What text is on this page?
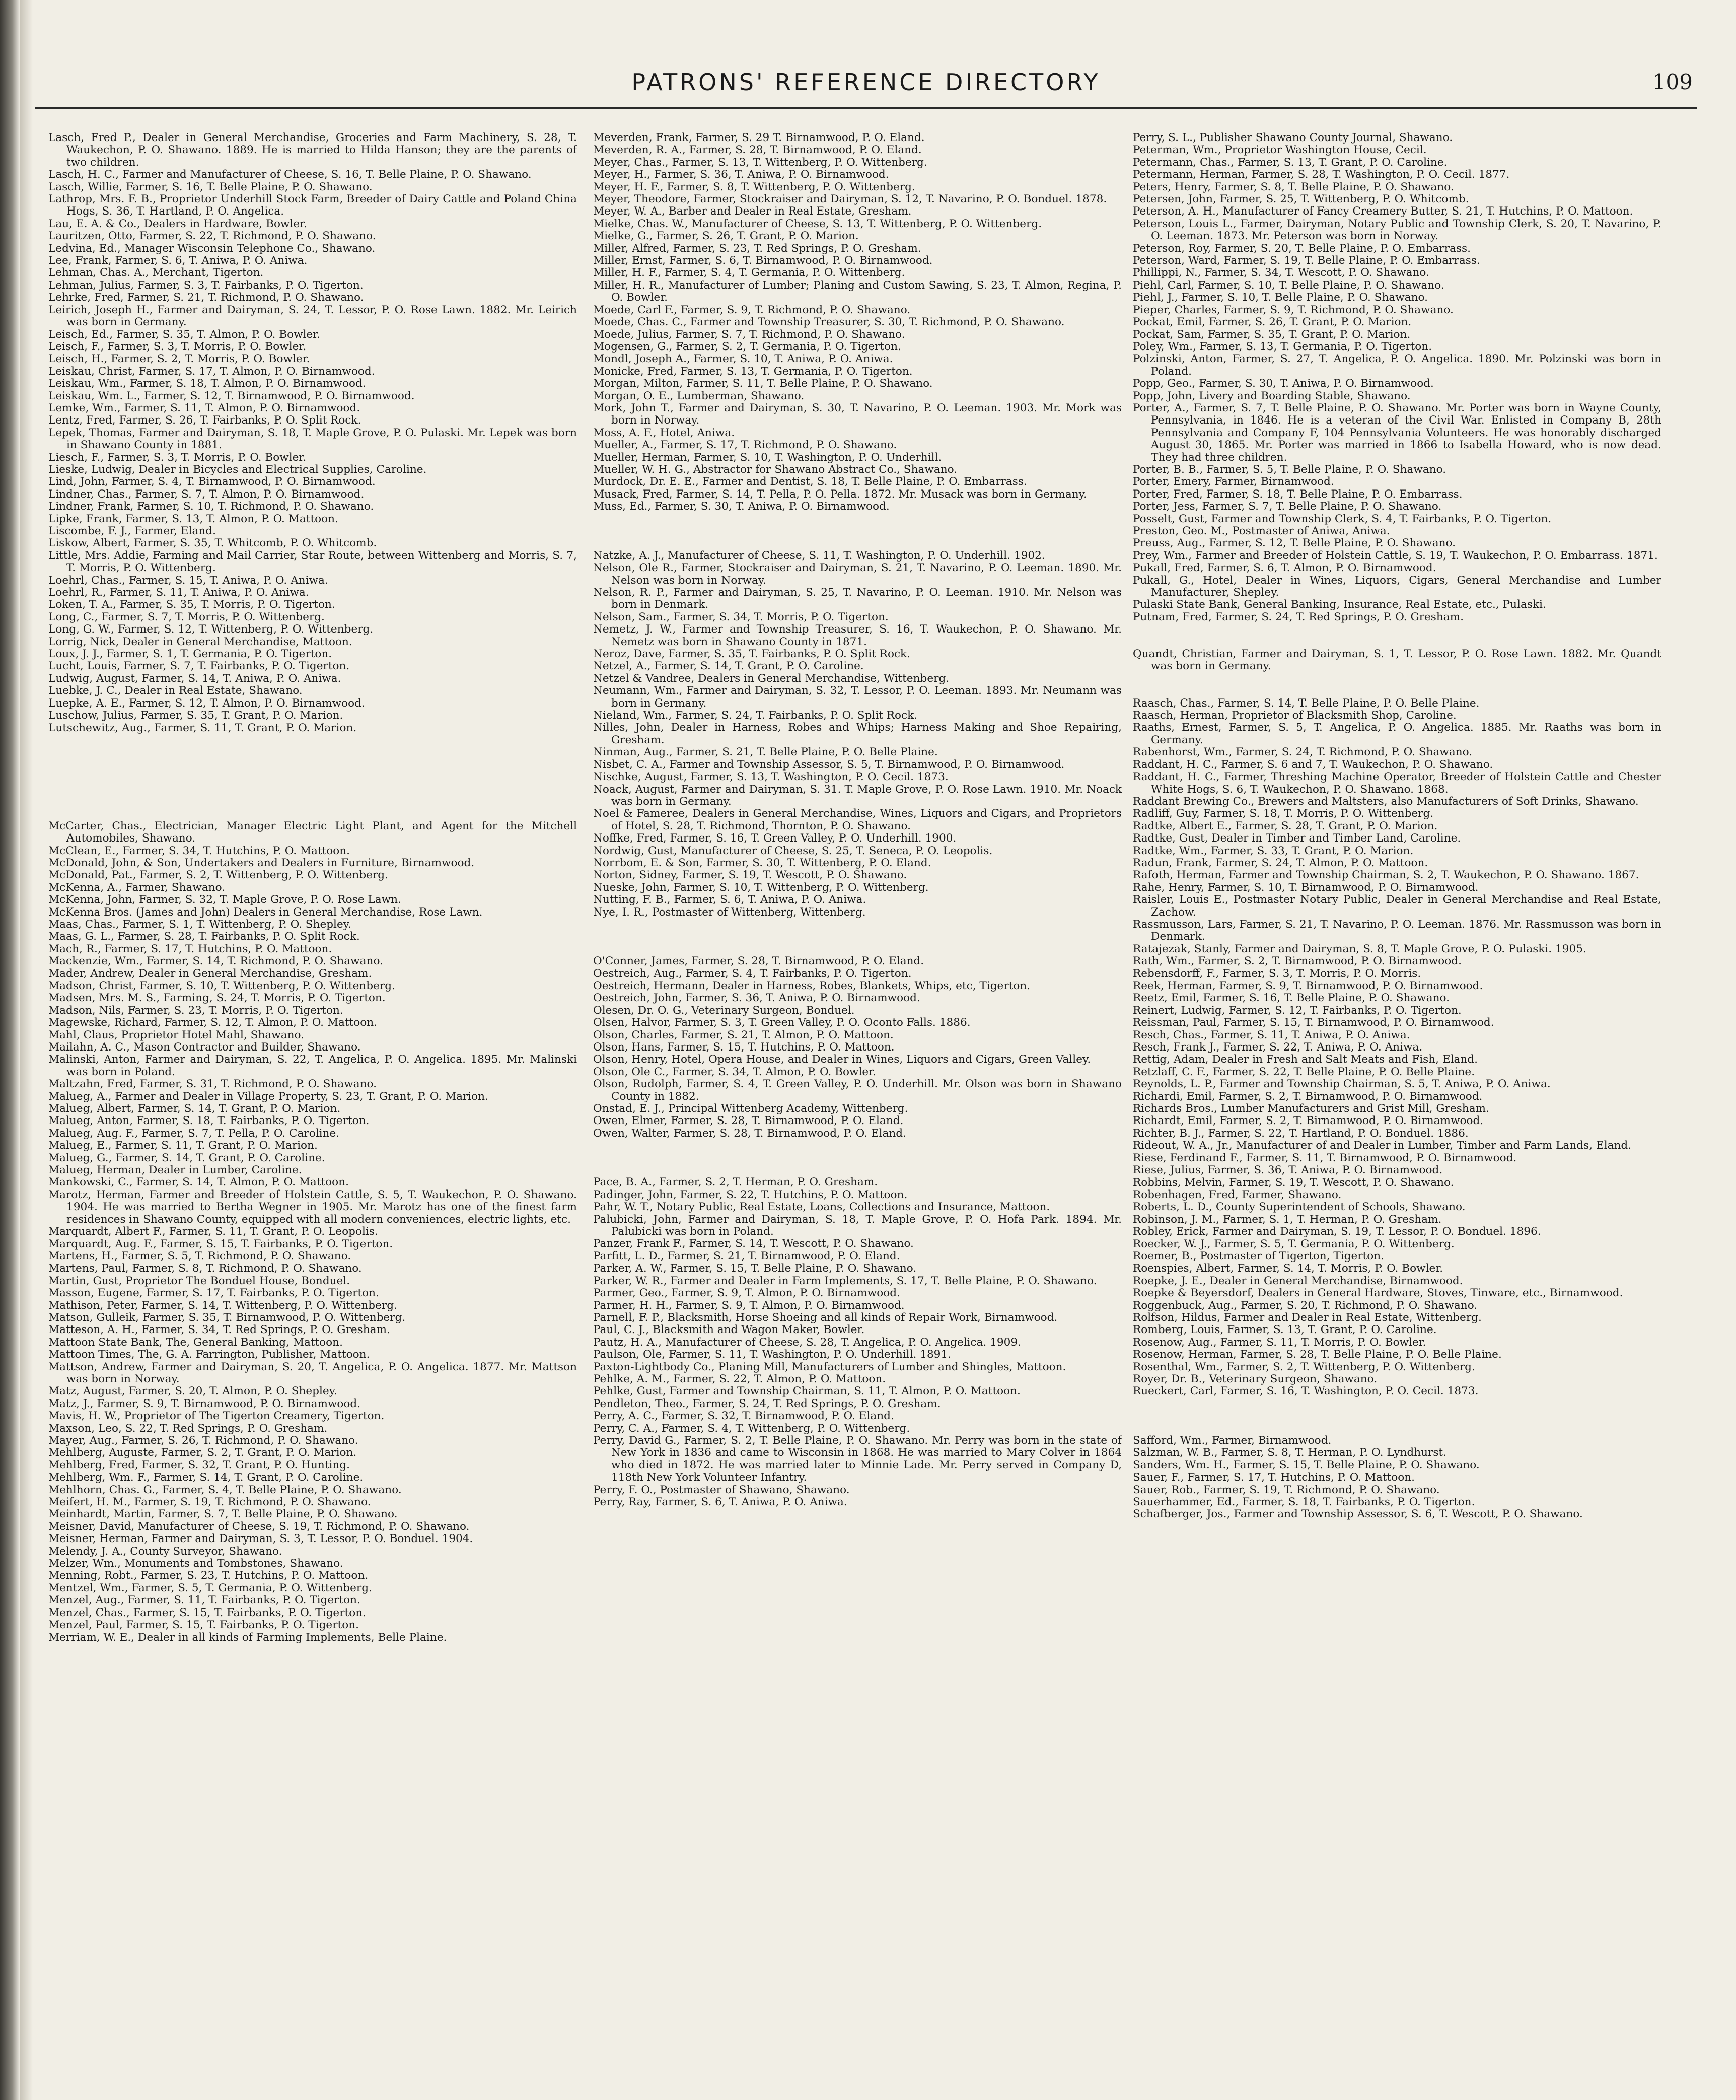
PATRONS' REFERENCE DIRECTORY	109

Lasch, Fred P., Dealer in General Merchandise, Groceries and Farm Machinery, S. 28, T. Waukechon, P. O. Shawano. 1889. He is married to Hilda Hanson; they are the parents of two children.

Lasch, H. C., Farmer and Manufacturer of Cheese, S. 16, T. Belle Plaine, P. O. Shawano.

Lasch, Willie, Farmer, S. 16, T. Belle Plaine, P. O. Shawano.

Lathrop, Mrs. F. B., Proprietor Underhill Stock Farm, Breeder of Dairy Cattle and Poland China Hogs, S. 36, T. Hartland, P. O. Angelica.

Lau, E. A. & Co., Dealers in Hardware, Bowler.

Lauritzen, Otto, Farmer, S. 22, T. Richmond, P. O. Shawano.

Ledvina, Ed., Manager Wisconsin Telephone Co., Shawano.

Lee, Frank, Farmer, S. 6, T. Aniwa, P. O. Aniwa.

Lehman, Chas. A., Merchant, Tigerton.

Lehman, Julius, Farmer, S. 3, T. Fairbanks, P. O. Tigerton.

Lehrke, Fred, Farmer, S. 21, T. Richmond, P. O. Shawano.

Leirich, Joseph H., Farmer and Dairyman, S. 24, T. Lessor, P. O. Rose Lawn. 1882. Mr. Leirich was born in Germany.

Leisch, Ed., Farmer, S. 35, T. Almon, P. O. Bowler.

Leisch, F., Farmer, S. 3, T. Morris, P. O. Bowler.

Leisch, H., Farmer, S. 2, T. Morris, P. O. Bowler.

Leiskau, Christ, Farmer, S. 17, T. Almon, P. O. Birnamwood.

Leiskau, Wm., Farmer, S. 18, T. Almon, P. O. Birnamwood.

Leiskau, Wm. L., Farmer, S. 12, T. Birnamwood, P. O. Birnamwood.

Lemke, Wm., Farmer, S. 11, T. Almon, P. O. Birnamwood.

Lentz, Fred, Farmer, S. 26, T. Fairbanks, P. O. Split Rock.

Lepek, Thomas, Farmer and Dairyman, S. 18, T. Maple Grove, P. O. Pulaski. Mr. Lepek was born in Shawano County in 1881.

Liesch, F., Farmer, S. 3, T. Morris, P. O. Bowler.

Lieske, Ludwig, Dealer in Bicycles and Electrical Supplies, Caroline.

Lind, John, Farmer, S. 4, T. Birnamwood, P. O. Birnamwood.

Lindner, Chas., Farmer, S. 7, T. Almon, P. O. Birnamwood.

Lindner, Frank, Farmer, S. 10, T. Richmond, P. O. Shawano.

Lipke, Frank, Farmer, S. 13, T. Almon, P. O. Mattoon.

Liscombe, F. J., Farmer, Eland.

Liskow, Albert, Farmer, S. 35, T. Whitcomb, P. O. Whitcomb.

Little, Mrs. Addie, Farming and Mail Carrier, Star Route, between Wittenberg and Morris, S. 7, T. Morris, P. O. Wittenberg.

Loehrl, Chas., Farmer, S. 15, T. Aniwa, P. O. Aniwa.

Loehrl, R., Farmer, S. 11, T. Aniwa, P. O. Aniwa.

Loken, T. A., Farmer, S. 35, T. Morris, P. O. Tigerton.

Long, C., Farmer, S. 7, T. Morris, P. O. Wittenberg.

Long, G. W., Farmer, S. 12, T. Wittenberg, P. O. Wittenberg.

Lorrig, Nick, Dealer in General Merchandise, Mattoon.

Loux, J. J., Farmer, S. 1, T. Germania, P. O. Tigerton.

Lucht, Louis, Farmer, S. 7, T. Fairbanks, P. O. Tigerton.

Ludwig, August, Farmer, S. 14, T. Aniwa, P. O. Aniwa.

Luebke, J. C., Dealer in Real Estate, Shawano.

Luepke, A. E., Farmer, S. 12, T. Almon, P. O. Birnamwood.

Luschow, Julius, Farmer, S. 35, T. Grant, P. O. Marion.

Lutschewitz, Aug., Farmer, S. 11, T. Grant, P. O. Marion.

McCarter, Chas., Electrician, Manager Electric Light Plant, and Agent for the Mitchell Automobiles, Shawano.

McClean, E., Farmer, S. 34, T. Hutchins, P. O. Mattoon.

McDonald, John, & Son, Undertakers and Dealers in Furniture, Birnamwood.

McDonald, Pat., Farmer, S. 2, T. Wittenberg, P. O. Wittenberg.

McKenna, A., Farmer, Shawano.

McKenna, John, Farmer, S. 32, T. Maple Grove, P. O. Rose Lawn.

McKenna Bros. (James and John) Dealers in General Merchandise, Rose Lawn.

Maas, Chas., Farmer, S. 1, T. Wittenberg, P. O. Shepley.

Maas, G. L., Farmer, S. 28, T. Fairbanks, P. O. Split Rock.

Mach, R., Farmer, S. 17, T. Hutchins, P. O. Mattoon.

Mackenzie, Wm., Farmer, S. 14, T. Richmond, P. O. Shawano.

Mader, Andrew, Dealer in General Merchandise, Gresham.

Madson, Christ, Farmer, S. 10, T. Wittenberg, P. O. Wittenberg.

Madsen, Mrs. M. S., Farming, S. 24, T. Morris, P. O. Tigerton.

Madson, Nils, Farmer, S. 23, T. Morris, P. O. Tigerton.

Magewske, Richard, Farmer, S. 12, T. Almon, P. O. Mattoon.

Mahl, Claus, Proprietor Hotel Mahl, Shawano.

Mailahn, A. C., Mason Contractor and Builder, Shawano.

Malinski, Anton, Farmer and Dairyman, S. 22, T. Angelica, P. O. Angelica. 1895. Mr. Malinski was born in Poland.

Maltzahn, Fred, Farmer, S. 31, T. Richmond, P. O. Shawano.

Malueg, A., Farmer and Dealer in Village Property, S. 23, T. Grant, P. O. Marion.

Malueg, Albert, Farmer, S. 14, T. Grant, P. O. Marion.

Malueg, Anton, Farmer, S. 18, T. Fairbanks, P. O. Tigerton.

Malueg, Aug. F., Farmer, S. 7, T. Pella, P. O. Caroline.

Malueg, E., Farmer, S. 11, T. Grant, P. O. Marion.

Malueg, G., Farmer, S. 14, T. Grant, P. O. Caroline.

Malueg, Herman, Dealer in Lumber, Caroline.

Mankowski, C., Farmer, S. 14, T. Almon, P. O. Mattoon.

Marotz, Herman, Farmer and Breeder of Holstein Cattle, S. 5, T. Waukechon, P. O. Shawano. 1904. He was married to Bertha Wegner in 1905. Mr. Marotz has one of the finest farm residences in Shawano County, equipped with all modern conveniences, electric lights, etc.

Marquardt, Albert F., Farmer, S. 11, T. Grant, P. O. Leopolis.

Marquardt, Aug. F., Farmer, S. 15, T. Fairbanks, P. O. Tigerton.

Martens, H., Farmer, S. 5, T. Richmond, P. O. Shawano.

Martens, Paul, Farmer, S. 8, T. Richmond, P. O. Shawano.

Martin, Gust, Proprietor The Bonduel House, Bonduel.

Masson, Eugene, Farmer, S. 17, T. Fairbanks, P. O. Tigerton.

Mathison, Peter, Farmer, S. 14, T. Wittenberg, P. O. Wittenberg.

Matson, Gulleik, Farmer, S. 35, T. Birnamwood, P. O. Wittenberg.

Matteson, A. H., Farmer, S. 34, T. Red Springs, P. O. Gresham.

Mattoon State Bank, The, General Banking, Mattoon.

Mattoon Times, The, G. A. Farrington, Publisher, Mattoon.

Mattson, Andrew, Farmer and Dairyman, S. 20, T. Angelica, P. O. Angelica. 1877. Mr. Mattson was born in Norway.

Matz, August, Farmer, S. 20, T. Almon, P. O. Shepley.

Matz, J., Farmer, S. 9, T. Birnamwood, P. O. Birnamwood.

Mavis, H. W., Proprietor of The Tigerton Creamery, Tigerton.

Maxson, Leo, S. 22, T. Red Springs, P. O. Gresham.

Mayer, Aug., Farmer, S. 26, T. Richmond, P. O. Shawano.

Mehlberg, Auguste, Farmer, S. 2, T. Grant, P. O. Marion.

Mehlberg, Fred, Farmer, S. 32, T. Grant, P. O. Hunting.

Mehlberg, Wm. F., Farmer, S. 14, T. Grant, P. O. Caroline.

Mehlhorn, Chas. G., Farmer, S. 4, T. Belle Plaine, P. O. Shawano.

Meifert, H. M., Farmer, S. 19, T. Richmond, P. O. Shawano.

Meinhardt, Martin, Farmer, S. 7, T. Belle Plaine, P. O. Shawano.

Meisner, David, Manufacturer of Cheese, S. 19, T. Richmond, P. O. Shawano.

Meisner, Herman, Farmer and Dairyman, S. 3, T. Lessor, P. O. Bonduel. 1904.

Melendy, J. A., County Surveyor, Shawano.

Melzer, Wm., Monuments and Tombstones, Shawano.

Menning, Robt., Farmer, S. 23, T. Hutchins, P. O. Mattoon.

Mentzel, Wm., Farmer, S. 5, T. Germania, P. O. Wittenberg.

Menzel, Aug., Farmer, S. 11, T. Fairbanks, P. O. Tigerton.

Menzel, Chas., Farmer, S. 15, T. Fairbanks, P. O. Tigerton.

Menzel, Paul, Farmer, S. 15, T. Fairbanks, P. O. Tigerton.

Merriam, W. E., Dealer in all kinds of Farming Implements, Belle Plaine.

Meverden, Frank, Farmer, S. 29 T. Birnamwood, P. O. Eland.

Meverden, R. A., Farmer, S. 28, T. Birnamwood, P. O. Eland.

Meyer, Chas., Farmer, S. 13, T. Wittenberg, P. O. Wittenberg.

Meyer, H., Farmer, S. 36, T. Aniwa, P. O. Birnamwood.

Meyer, H. F., Farmer, S. 8, T. Wittenberg, P. O. Wittenberg.

Meyer, Theodore, Farmer, Stockraiser and Dairyman, S. 12, T. Navarino, P. O. Bonduel. 1878.

Meyer, W. A., Barber and Dealer in Real Estate, Gresham.

Mielke, Chas. W., Manufacturer of Cheese, S. 13, T. Wittenberg, P. O. Wittenberg.

Mielke, G., Farmer, S. 26, T. Grant, P. O. Marion.

Miller, Alfred, Farmer, S. 23, T. Red Springs, P. O. Gresham.

Miller, Ernst, Farmer, S. 6, T. Birnamwood, P. O. Birnamwood.

Miller, H. F., Farmer, S. 4, T. Germania, P. O. Wittenberg.

Miller, H. R., Manufacturer of Lumber; Planing and Custom Sawing, S. 23, T. Almon, Regina, P. O. Bowler.

Moede, Carl F., Farmer, S. 9, T. Richmond, P. O. Shawano.

Moede, Chas. C., Farmer and Township Treasurer, S. 30, T. Richmond, P. O. Shawano.

Moede, Julius, Farmer, S. 7, T. Richmond, P. O. Shawano.

Mogensen, G., Farmer, S. 2, T. Germania, P. O. Tigerton.

Mondl, Joseph A., Farmer, S. 10, T. Aniwa, P. O. Aniwa.

Monicke, Fred, Farmer, S. 13, T. Germania, P. O. Tigerton.

Morgan, Milton, Farmer, S. 11, T. Belle Plaine, P. O. Shawano.

Morgan, O. E., Lumberman, Shawano.

Mork, John T., Farmer and Dairyman, S. 30, T. Navarino, P. O. Leeman. 1903. Mr. Mork was born in Norway.

Moss, A. F., Hotel, Aniwa.

Mueller, A., Farmer, S. 17, T. Richmond, P. O. Shawano.

Mueller, Herman, Farmer, S. 10, T. Washington, P. O. Underhill.

Mueller, W. H. G., Abstractor for Shawano Abstract Co., Shawano.

Murdock, Dr. E. E., Farmer and Dentist, S. 18, T. Belle Plaine, P. O. Embarrass.

Musack, Fred, Farmer, S. 14, T. Pella, P. O. Pella. 1872. Mr. Musack was born in Germany.

Muss, Ed., Farmer, S. 30, T. Aniwa, P. O. Birnamwood.

Natzke, A. J., Manufacturer of Cheese, S. 11, T. Washington, P. O. Underhill. 1902.

Nelson, Ole R., Farmer, Stockraiser and Dairyman, S. 21, T. Navarino, P. O. Leeman. 1890. Mr. Nelson was born in Norway.

Nelson, R. P., Farmer and Dairyman, S. 25, T. Navarino, P. O. Leeman. 1910. Mr. Nelson was born in Denmark.

Nelson, Sam., Farmer, S. 34, T. Morris, P. O. Tigerton.

Nemetz, J. W., Farmer and Township Treasurer, S. 16, T. Waukechon, P. O. Shawano. Mr. Nemetz was born in Shawano County in 1871.

Neroz, Dave, Farmer, S. 35, T. Fairbanks, P. O. Split Rock.

Netzel, A., Farmer, S. 14, T. Grant, P. O. Caroline.

Netzel & Vandree, Dealers in General Merchandise, Wittenberg.

Neumann, Wm., Farmer and Dairyman, S. 32, T. Lessor, P. O. Leeman. 1893. Mr. Neumann was born in Germany.

Nieland, Wm., Farmer, S. 24, T. Fairbanks, P. O. Split Rock.

Nilles, John, Dealer in Harness, Robes and Whips; Harness Making and Shoe Repairing, Gresham.

Ninman, Aug., Farmer, S. 21, T. Belle Plaine, P. O. Belle Plaine.

Nisbet, C. A., Farmer and Township Assessor, S. 5, T. Birnamwood, P. O. Birnamwood.

Nischke, August, Farmer, S. 13, T. Washington, P. O. Cecil. 1873.

Noack, August, Farmer and Dairyman, S. 31. T. Maple Grove, P. O. Rose Lawn. 1910. Mr. Noack was born in Germany.

Noel & Fameree, Dealers in General Merchandise, Wines, Liquors and Cigars, and Proprietors of Hotel, S. 28, T. Richmond, Thornton, P. O. Shawano.

Noffke, Fred, Farmer, S. 16, T. Green Valley, P. O. Underhill. 1900.

Nordwig, Gust, Manufacturer of Cheese, S. 25, T. Seneca, P. O. Leopolis.

Norrbom, E. & Son, Farmer, S. 30, T. Wittenberg, P. O. Eland.

Norton, Sidney, Farmer, S. 19, T. Wescott, P. O. Shawano.

Nueske, John, Farmer, S. 10, T. Wittenberg, P. O. Wittenberg.

Nutting, F. B., Farmer, S. 6, T. Aniwa, P. O. Aniwa.

Nye, I. R., Postmaster of Wittenberg, Wittenberg.

O'Conner, James, Farmer, S. 28, T. Birnamwood, P. O. Eland.

Oestreich, Aug., Farmer, S. 4, T. Fairbanks, P. O. Tigerton.

Oestreich, Hermann, Dealer in Harness, Robes, Blankets, Whips, etc, Tigerton.

Oestreich, John, Farmer, S. 36, T. Aniwa, P. O. Birnamwood.

Olesen, Dr. O. G., Veterinary Surgeon, Bonduel.

Olsen, Halvor, Farmer, S. 3, T. Green Valley, P. O. Oconto Falls. 1886.

Olson, Charles, Farmer, S. 21, T. Almon, P. O. Mattoon.

Olson, Hans, Farmer, S. 15, T. Hutchins, P. O. Mattoon.

Olson, Henry, Hotel, Opera House, and Dealer in Wines, Liquors and Cigars, Green Valley.

Olson, Ole C., Farmer, S. 34, T. Almon, P. O. Bowler.

Olson, Rudolph, Farmer, S. 4, T. Green Valley, P. O. Underhill. Mr. Olson was born in Shawano County in 1882.

Onstad, E. J., Principal Wittenberg Academy, Wittenberg.

Owen, Elmer, Farmer, S. 28, T. Birnamwood, P. O. Eland.

Owen, Walter, Farmer, S. 28, T. Birnamwood, P. O. Eland.

Pace, B. A., Farmer, S. 2, T. Herman, P. O. Gresham.

Padinger, John, Farmer, S. 22, T. Hutchins, P. O. Mattoon.

Pahr, W. T., Notary Public, Real Estate, Loans, Collections and Insurance, Mattoon.

Palubicki, John, Farmer and Dairyman, S. 18, T. Maple Grove, P. O. Hofa Park. 1894. Mr. Palubicki was born in Poland.

Panzer, Frank F., Farmer, S. 14, T. Wescott, P. O. Shawano.

Parfitt, L. D., Farmer, S. 21, T. Birnamwood, P. O. Eland.

Parker, A. W., Farmer, S. 15, T. Belle Plaine, P. O. Shawano.

Parker, W. R., Farmer and Dealer in Farm Implements, S. 17, T. Belle Plaine, P. O. Shawano.

Parmer, Geo., Farmer, S. 9, T. Almon, P. O. Birnamwood.

Parmer, H. H., Farmer, S. 9, T. Almon, P. O. Birnamwood.

Parnell, F. P., Blacksmith, Horse Shoeing and all kinds of Repair Work, Birnamwood.

Paul, C. J., Blacksmith and Wagon Maker, Bowler.

Pautz, H. A., Manufacturer of Cheese, S. 28, T. Angelica, P. O. Angelica. 1909.

Paulson, Ole, Farmer, S. 11, T. Washington, P. O. Underhill. 1891.

Paxton-Lightbody Co., Planing Mill, Manufacturers of Lumber and Shingles, Mattoon.

Pehlke, A. M., Farmer, S. 22, T. Almon, P. O. Mattoon.

Pehlke, Gust, Farmer and Township Chairman, S. 11, T. Almon, P. O. Mattoon.

Pendleton, Theo., Farmer, S. 24, T. Red Springs, P. O. Gresham.

Perry, A. C., Farmer, S. 32, T. Birnamwood, P. O. Eland.

Perry, C. A., Farmer, S. 4, T. Wittenberg, P. O. Wittenberg.

Perry, David G., Farmer, S. 2, T. Belle Plaine, P. O. Shawano. Mr. Perry was born in the state of New York in 1836 and came to Wisconsin in 1868. He was married to Mary Colver in 1864 who died in 1872. He was married later to Minnie Lade. Mr. Perry served in Company D, 118th New York Volunteer Infantry.

Perry, F. O., Postmaster of Shawano, Shawano.

Perry, Ray, Farmer, S. 6, T. Aniwa, P. O. Aniwa.

Perry, S. L., Publisher Shawano County Journal, Shawano.

Peterman, Wm., Proprietor Washington House, Cecil.

Petermann, Chas., Farmer, S. 13, T. Grant, P. O. Caroline.

Petermann, Herman, Farmer, S. 28, T. Washington, P. O. Cecil. 1877.

Peters, Henry, Farmer, S. 8, T. Belle Plaine, P. O. Shawano.

Petersen, John, Farmer, S. 25, T. Wittenberg, P. O. Whitcomb.

Peterson, A. H., Manufacturer of Fancy Creamery Butter, S. 21, T. Hutchins, P. O. Mattoon.

Peterson, Louis L., Farmer, Dairyman, Notary Public and Township Clerk, S. 20, T. Navarino, P. O. Leeman. 1873. Mr. Peterson was born in Norway.

Peterson, Roy, Farmer, S. 20, T. Belle Plaine, P. O. Embarrass.

Peterson, Ward, Farmer, S. 19, T. Belle Plaine, P. O. Embarrass.

Phillippi, N., Farmer, S. 34, T. Wescott, P. O. Shawano.

Piehl, Carl, Farmer, S. 10, T. Belle Plaine, P. O. Shawano.

Piehl, J., Farmer, S. 10, T. Belle Plaine, P. O. Shawano.

Pieper, Charles, Farmer, S. 9, T. Richmond, P. O. Shawano.

Pockat, Emil, Farmer, S. 26, T. Grant, P. O. Marion.

Pockat, Sam, Farmer, S. 35, T. Grant, P. O. Marion.

Poley, Wm., Farmer, S. 13, T. Germania, P. O. Tigerton.

Polzinski, Anton, Farmer, S. 27, T. Angelica, P. O. Angelica. 1890. Mr. Polzinski was born in Poland.

Popp, Geo., Farmer, S. 30, T. Aniwa, P. O. Birnamwood.

Popp, John, Livery and Boarding Stable, Shawano.

Porter, A., Farmer, S. 7, T. Belle Plaine, P. O. Shawano. Mr. Porter was born in Wayne County, Pennsylvania, in 1846. He is a veteran of the Civil War. Enlisted in Company B, 28th Pennsylvania and Company F, 104 Pennsylvania Volunteers. He was honorably discharged August 30, 1865. Mr. Porter was married in 1866 to Isabella Howard, who is now dead. They had three children.

Porter, B. B., Farmer, S. 5, T. Belle Plaine, P. O. Shawano.

Porter, Emery, Farmer, Birnamwood.

Porter, Fred, Farmer, S. 18, T. Belle Plaine, P. O. Embarrass.

Porter, Jess, Farmer, S. 7, T. Belle Plaine, P. O. Shawano.

Posselt, Gust, Farmer and Township Clerk, S. 4, T. Fairbanks, P. O. Tigerton.

Preston, Geo. M., Postmaster of Aniwa, Aniwa.

Preuss, Aug., Farmer, S. 12, T. Belle Plaine, P. O. Shawano.

Prey, Wm., Farmer and Breeder of Holstein Cattle, S. 19, T. Waukechon, P. O. Embarrass. 1871.

Pukall, Fred, Farmer, S. 6, T. Almon, P. O. Birnamwood.

Pukall, G., Hotel, Dealer in Wines, Liquors, Cigars, General Merchandise and Lumber Manufacturer, Shepley.

Pulaski State Bank, General Banking, Insurance, Real Estate, etc., Pulaski.

Putnam, Fred, Farmer, S. 24, T. Red Springs, P. O. Gresham.

Quandt, Christian, Farmer and Dairyman, S. 1, T. Lessor, P. O. Rose Lawn. 1882. Mr. Quandt was born in Germany.

Raasch, Chas., Farmer, S. 14, T. Belle Plaine, P. O. Belle Plaine.

Raasch, Herman, Proprietor of Blacksmith Shop, Caroline.

Raaths, Ernest, Farmer, S. 5, T. Angelica, P. O. Angelica. 1885. Mr. Raaths was born in Germany.

Rabenhorst, Wm., Farmer, S. 24, T. Richmond, P. O. Shawano.

Raddant, H. C., Farmer, S. 6 and 7, T. Waukechon, P. O. Shawano.

Raddant, H. C., Farmer, Threshing Machine Operator, Breeder of Holstein Cattle and Chester White Hogs, S. 6, T. Waukechon, P. O. Shawano. 1868.

Raddant Brewing Co., Brewers and Maltsters, also Manufacturers of Soft Drinks, Shawano.

Radliff, Guy, Farmer, S. 18, T. Morris, P. O. Wittenberg.

Radtke, Albert E., Farmer, S. 28, T. Grant, P. O. Marion.

Radtke, Gust, Dealer in Timber and Timber Land, Caroline.

Radtke, Wm., Farmer, S. 33, T. Grant, P. O. Marion.

Radun, Frank, Farmer, S. 24, T. Almon, P. O. Mattoon.

Rafoth, Herman, Farmer and Township Chairman, S. 2, T. Waukechon, P. O. Shawano. 1867.

Rahe, Henry, Farmer, S. 10, T. Birnamwood, P. O. Birnamwood.

Raisler, Louis E., Postmaster Notary Public, Dealer in General Merchandise and Real Estate, Zachow.

Rassmusson, Lars, Farmer, S. 21, T. Navarino, P. O. Leeman. 1876. Mr. Rassmusson was born in Denmark.

Ratajezak, Stanly, Farmer and Dairyman, S. 8, T. Maple Grove, P. O. Pulaski. 1905.

Rath, Wm., Farmer, S. 2, T. Birnamwood, P. O. Birnamwood.

Rebensdorff, F., Farmer, S. 3, T. Morris, P. O. Morris.

Reek, Herman, Farmer, S. 9, T. Birnamwood, P. O. Birnamwood.

Reetz, Emil, Farmer, S. 16, T. Belle Plaine, P. O. Shawano.

Reinert, Ludwig, Farmer, S. 12, T. Fairbanks, P. O. Tigerton.

Reissman, Paul, Farmer, S. 15, T. Birnamwood, P. O. Birnamwood.

Resch, Chas., Farmer, S. 11, T. Aniwa, P. O. Aniwa.

Resch, Frank J., Farmer, S. 22, T. Aniwa, P. O. Aniwa.

Rettig, Adam, Dealer in Fresh and Salt Meats and Fish, Eland.

Retzlaff, C. F., Farmer, S. 22, T. Belle Plaine, P. O. Belle Plaine.

Reynolds, L. P., Farmer and Township Chairman, S. 5, T. Aniwa, P. O. Aniwa.

Richardi, Emil, Farmer, S. 2, T. Birnamwood, P. O. Birnamwood.

Richards Bros., Lumber Manufacturers and Grist Mill, Gresham.

Richardt, Emil, Farmer, S. 2, T. Birnamwood, P. O. Birnamwood.

Richter, B. J., Farmer, S. 22, T. Hartland, P. O. Bonduel. 1886.

Rideout, W. A., Jr., Manufacturer of and Dealer in Lumber, Timber and Farm Lands, Eland.

Riese, Ferdinand F., Farmer, S. 11, T. Birnamwood, P. O. Birnamwood.

Riese, Julius, Farmer, S. 36, T. Aniwa, P. O. Birnamwood.

Robbins, Melvin, Farmer, S. 19, T. Wescott, P. O. Shawano.

Robenhagen, Fred, Farmer, Shawano.

Roberts, L. D., County Superintendent of Schools, Shawano.

Robinson, J. M., Farmer, S. 1, T. Herman, P. O. Gresham.

Robley, Erick, Farmer and Dairyman, S. 19, T. Lessor, P. O. Bonduel. 1896.

Roecker, W. J., Farmer, S. 5, T. Germania, P. O. Wittenberg.

Roemer, B., Postmaster of Tigerton, Tigerton.

Roenspies, Albert, Farmer, S. 14, T. Morris, P. O. Bowler.

Roepke, J. E., Dealer in General Merchandise, Birnamwood.

Roepke & Beyersdorf, Dealers in General Hardware, Stoves, Tinware, etc., Birnamwood.

Roggenbuck, Aug., Farmer, S. 20, T. Richmond, P. O. Shawano.

Rolfson, Hildus, Farmer and Dealer in Real Estate, Wittenberg.

Romberg, Louis, Farmer, S. 13, T. Grant, P. O. Caroline.

Rosenow, Aug., Farmer, S. 11, T. Morris, P. O. Bowler.

Rosenow, Herman, Farmer, S. 28, T. Belle Plaine, P. O. Belle Plaine.

Rosenthal, Wm., Farmer, S. 2, T. Wittenberg, P. O. Wittenberg.

Royer, Dr. B., Veterinary Surgeon, Shawano.

Rueckert, Carl, Farmer, S. 16, T. Washington, P. O. Cecil. 1873.

Safford, Wm., Farmer, Birnamwood.

Salzman, W. B., Farmer, S. 8, T. Herman, P. O. Lyndhurst.

Sanders, Wm. H., Farmer, S. 15, T. Belle Plaine, P. O. Shawano.

Sauer, F., Farmer, S. 17, T. Hutchins, P. O. Mattoon.

Sauer, Rob., Farmer, S. 19, T. Richmond, P. O. Shawano.

Sauerhammer, Ed., Farmer, S. 18, T. Fairbanks, P. O. Tigerton.

Schafberger, Jos., Farmer and Township Assessor, S. 6, T. Wescott, P. O. Shawano.
